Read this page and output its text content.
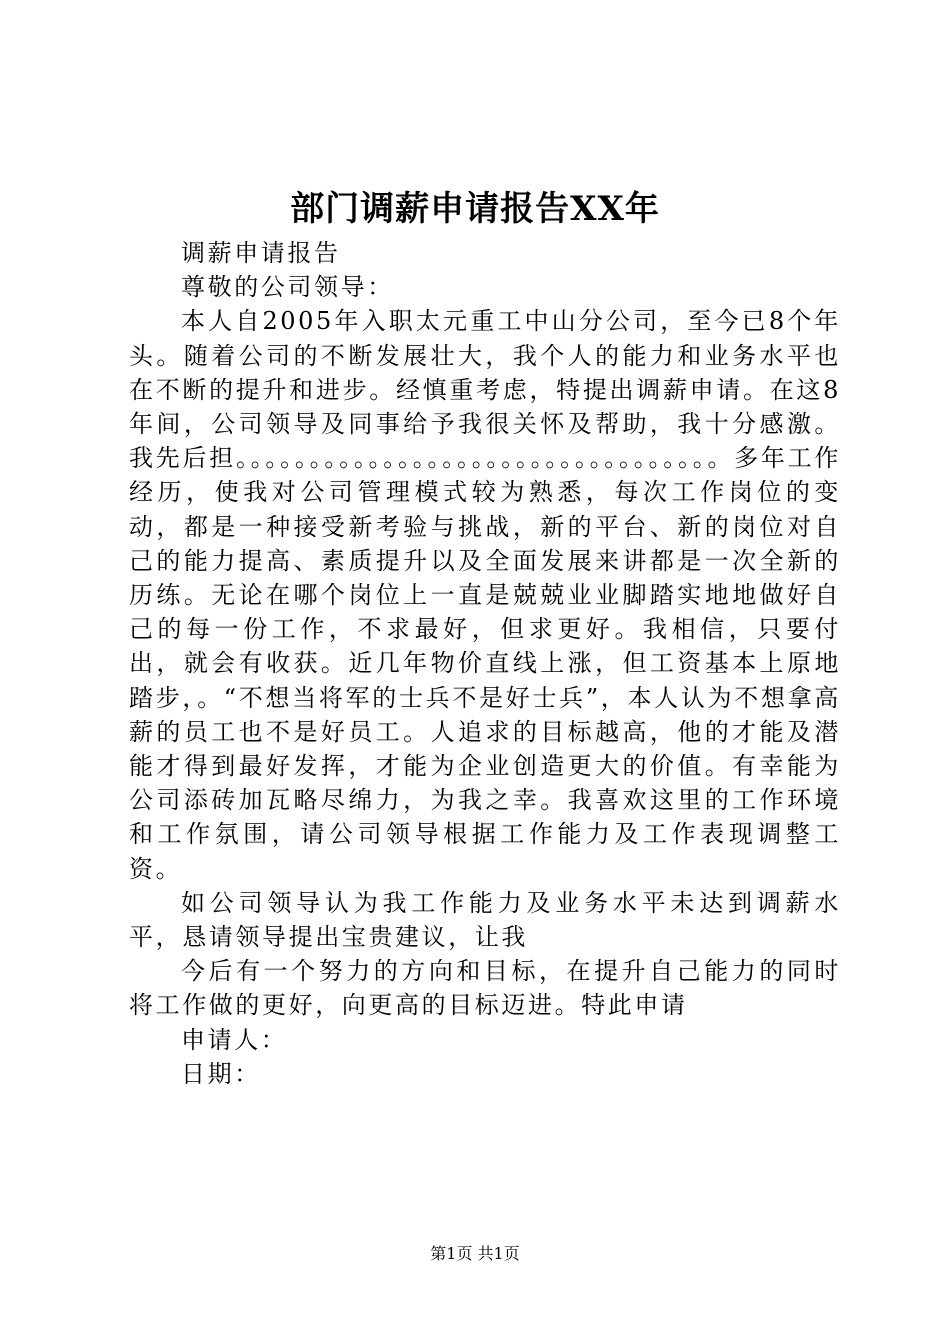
部门调薪申请报告XX年

调薪申请报告

尊敬的公司领导：

本人自2005年入职太元重工中山分公司，至今已8个年头。随着公司的不断发展壮大，我个人的能力和业务水平也在不断的提升和进步。经慎重考虑，特提出调薪申请。在这8年间，公司领导及同事给予我很关怀及帮助，我十分感激。我先后担。。。。。。。。。。。。。。。。。。。。。。。。。。。。。。。。。多年工作经历，使我对公司管理模式较为熟悉，每次工作岗位的变动，都是一种接受新考验与挑战，新的平台、新的岗位对自己的能力提高、素质提升以及全面发展来讲都是一次全新的历练。无论在哪个岗位上一直是兢兢业业脚踏实地地做好自己的每一份工作，不求最好，但求更好。我相信，只要付出，就会有收获。近几年物价直线上涨，但工资基本上原地踏步，。“不想当将军的士兵不是好士兵”，本人认为不想拿高薪的员工也不是好员工。人追求的目标越高，他的才能及潜能才得到最好发挥，才能为企业创造更大的价值。有幸能为公司添砖加瓦略尽绵力，为我之幸。我喜欢这里的工作环境和工作氛围，请公司领导根据工作能力及工作表现调整工资。

如公司领导认为我工作能力及业务水平未达到调薪水平，恳请领导提出宝贵建议，让我

今后有一个努力的方向和目标，在提升自己能力的同时将工作做的更好，向更高的目标迈进。特此申请

申请人：

日期：

第1页 共1页
